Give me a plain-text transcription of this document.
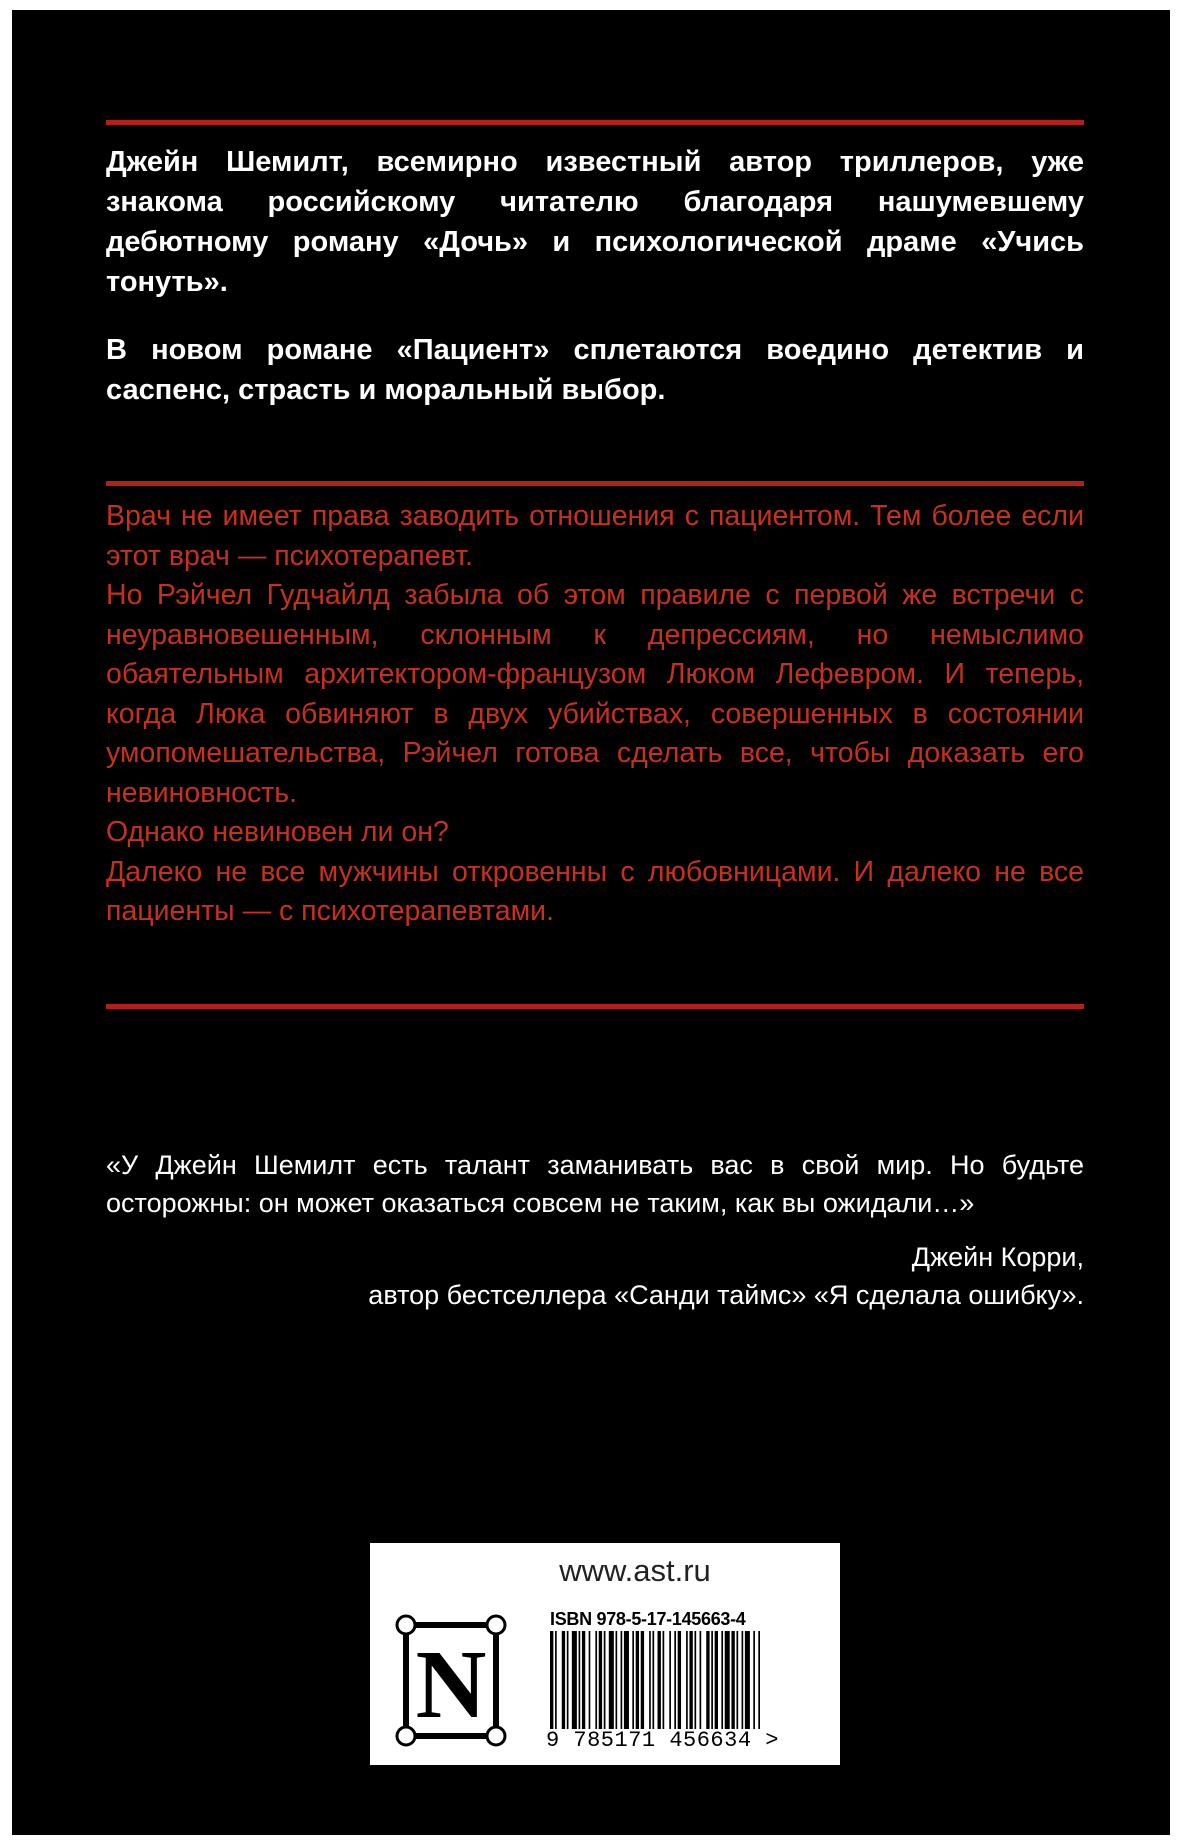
Джейн Шемилт, всемирно известный автор триллеров, уже знакома российскому читателю благодаря нашумевшему дебютному роману «Дочь» и психологической драме «Учись тонуть».

В новом романе «Пациент» сплетаются воедино детектив и саспенс, страсть и моральный выбор.

Врач не имеет права заводить отношения с пациентом. Тем более если этот врач — психотерапевт.

Но Рэйчел Гудчайлд забыла об этом правиле с первой же встречи с неуравновешенным, склонным к депрессиям, но немыслимо обаятельным архитектором-французом Люком Лефевром. И теперь, когда Люка обвиняют в двух убийствах, совершенных в состоянии умопомешательства, Рэйчел готова сделать все, чтобы доказать его невиновность.

Однако невиновен ли он?

Далеко не все мужчины откровенны с любовницами. И далеко не все пациенты — с психотерапевтами.

«У Джейн Шемилт есть талант заманивать вас в свой мир. Но будьте осторожны: он может оказаться совсем не таким, как вы ожидали…»
Джейн Корри,
автор бестселлера «Санди таймс» «Я сделала ошибку».
www.ast.ru
N
ISBN 978-5-17-145663-4
9 785171 456634 >
